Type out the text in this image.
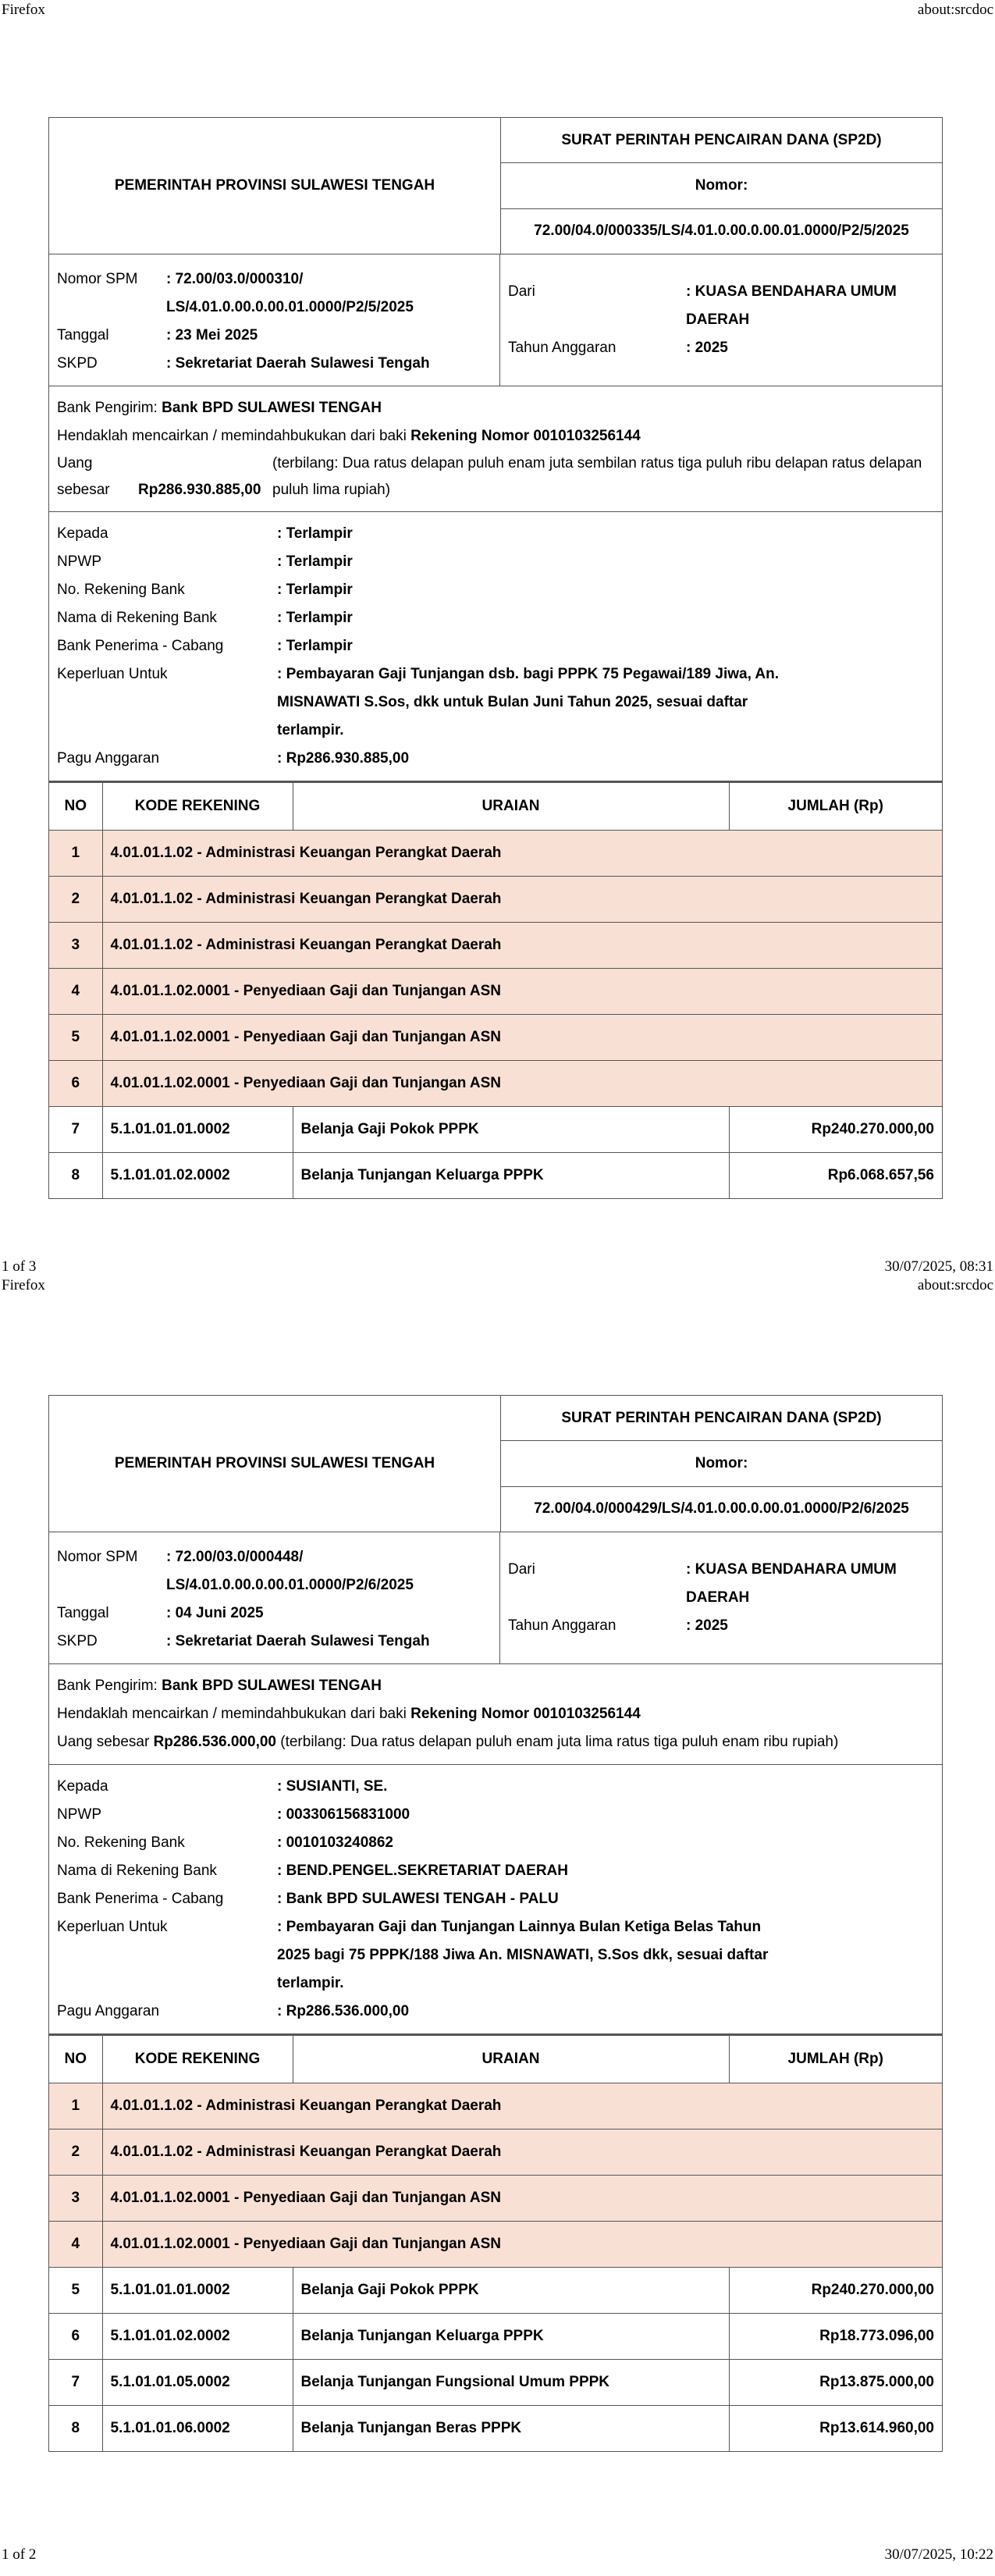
Firefox	about:srcdoc
PEMERINTAH PROVINSI SULAWESI TENGAH
SURAT PERINTAH PENCAIRAN DANA (SP2D)
Nomor:
72.00/04.0/000335/LS/4.01.0.00.0.00.01.0000/P2/5/2025
Nomor SPM	: 72.00/03.0/000310/
LS/4.01.0.00.0.00.01.0000/P2/5/2025
Tanggal	: 23 Mei 2025
SKPD	: Sekretariat Daerah Sulawesi Tengah
Dari	: KUASA BENDAHARA UMUM
DAERAH
Tahun Anggaran	: 2025
Bank Pengirim: Bank BPD SULAWESI TENGAH
Hendaklah mencairkan / memindahbukukan dari baki Rekening Nomor 0010103256144
Uang
sebesar	Rp286.930.885,00
(terbilang: Dua ratus delapan puluh enam juta sembilan ratus tiga puluh ribu delapan ratus delapan puluh lima rupiah)
Kepada	: Terlampir
NPWP	: Terlampir
No. Rekening Bank	: Terlampir
Nama di Rekening Bank	: Terlampir
Bank Penerima - Cabang	: Terlampir
Keperluan Untuk	: Pembayaran Gaji Tunjangan dsb. bagi PPPK 75 Pegawai/189 Jiwa, An. MISNAWATI S.Sos, dkk untuk Bulan Juni Tahun 2025, sesuai daftar terlampir.
Pagu Anggaran	: Rp286.930.885,00
NO	KODE REKENING	URAIAN	JUMLAH (Rp)
1	4.01.01.1.02 - Administrasi Keuangan Perangkat Daerah		
2	4.01.01.1.02 - Administrasi Keuangan Perangkat Daerah		
3	4.01.01.1.02 - Administrasi Keuangan Perangkat Daerah		
4	4.01.01.1.02.0001 - Penyediaan Gaji dan Tunjangan ASN		
5	4.01.01.1.02.0001 - Penyediaan Gaji dan Tunjangan ASN		
6	4.01.01.1.02.0001 - Penyediaan Gaji dan Tunjangan ASN		
7	5.1.01.01.01.0002	Belanja Gaji Pokok PPPK	Rp240.270.000,00
8	5.1.01.01.02.0002	Belanja Tunjangan Keluarga PPPK	Rp6.068.657,56
1 of 3	30/07/2025, 08:31
Firefox	about:srcdoc
PEMERINTAH PROVINSI SULAWESI TENGAH
SURAT PERINTAH PENCAIRAN DANA (SP2D)
Nomor:
72.00/04.0/000429/LS/4.01.0.00.0.00.01.0000/P2/6/2025
Nomor SPM	: 72.00/03.0/000448/
LS/4.01.0.00.0.00.01.0000/P2/6/2025
Tanggal	: 04 Juni 2025
SKPD	: Sekretariat Daerah Sulawesi Tengah
Dari	: KUASA BENDAHARA UMUM
DAERAH
Tahun Anggaran	: 2025
Bank Pengirim: Bank BPD SULAWESI TENGAH
Hendaklah mencairkan / memindahbukukan dari baki Rekening Nomor 0010103256144
Uang sebesar Rp286.536.000,00 (terbilang: Dua ratus delapan puluh enam juta lima ratus tiga puluh enam ribu rupiah)
Kepada	: SUSIANTI, SE.
NPWP	: 003306156831000
No. Rekening Bank	: 0010103240862
Nama di Rekening Bank	: BEND.PENGEL.SEKRETARIAT DAERAH
Bank Penerima - Cabang	: Bank BPD SULAWESI TENGAH - PALU
Keperluan Untuk	: Pembayaran Gaji dan Tunjangan Lainnya Bulan Ketiga Belas Tahun 2025 bagi 75 PPPK/188 Jiwa An. MISNAWATI, S.Sos dkk, sesuai daftar terlampir.
Pagu Anggaran	: Rp286.536.000,00
NO	KODE REKENING	URAIAN	JUMLAH (Rp)
1	4.01.01.1.02 - Administrasi Keuangan Perangkat Daerah		
2	4.01.01.1.02 - Administrasi Keuangan Perangkat Daerah		
3	4.01.01.1.02.0001 - Penyediaan Gaji dan Tunjangan ASN		
4	4.01.01.1.02.0001 - Penyediaan Gaji dan Tunjangan ASN		
5	5.1.01.01.01.0002	Belanja Gaji Pokok PPPK	Rp240.270.000,00
6	5.1.01.01.02.0002	Belanja Tunjangan Keluarga PPPK	Rp18.773.096,00
7	5.1.01.01.05.0002	Belanja Tunjangan Fungsional Umum PPPK	Rp13.875.000,00
8	5.1.01.01.06.0002	Belanja Tunjangan Beras PPPK	Rp13.614.960,00
1 of 2	30/07/2025, 10:22
